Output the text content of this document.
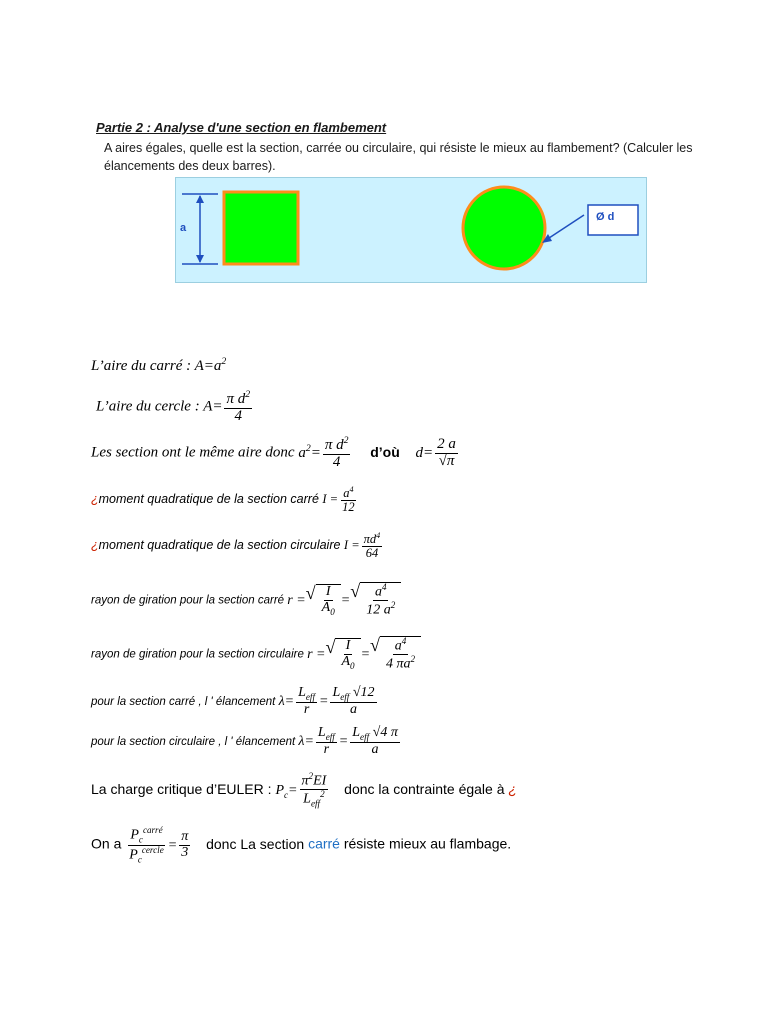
Partie 2 : Analyse d'une section en flambement
A aires égales, quelle est la section, carrée ou circulaire, qui résiste le mieux au flambement? (Calculer les élancements des deux barres).
a
Ø d
L’aire du carré : $A=a^2$
L’aire du cercle : $A= \frac{\pi d^2}{4}$
Les section ont le même aire donc $a^2= \frac{\pi d^2}{4}$ d’où $d= \frac{2 a}{√\pi}$
¿moment quadratique de la section carré $I = \frac{a^4}{12}$
¿moment quadratique de la section circulaire $I = \frac{\pi d^4}{64}$
rayon de giration pour la section carré r = √ $\frac{I}{A_0}$ = √ $\frac{a^4}{12 a^2}$
rayon de giration pour la section circulaire r = √ $\frac{I}{A_0}$ = √ $\frac{a^4}{4 \pi a^2}$
pour la section carré , l ' élancement $\lambda= \frac{L_{eff}}{r} = \frac{L_{eff} √12}{a}$
pour la section circulaire , l ' élancement $\lambda= \frac{L_{eff}}{r} = \frac{L_{eff} √4 \pi}{a}$
La charge critique d’EULER : $P_c= \frac{\pi^2EI}{L_{eff}^2}$ donc la contrainte égale à ¿
On a $\frac{P_c^{carré}}{P_c^{cercle}} = \frac{\pi}{3}$ donc La section carré résiste mieux au flambage.
